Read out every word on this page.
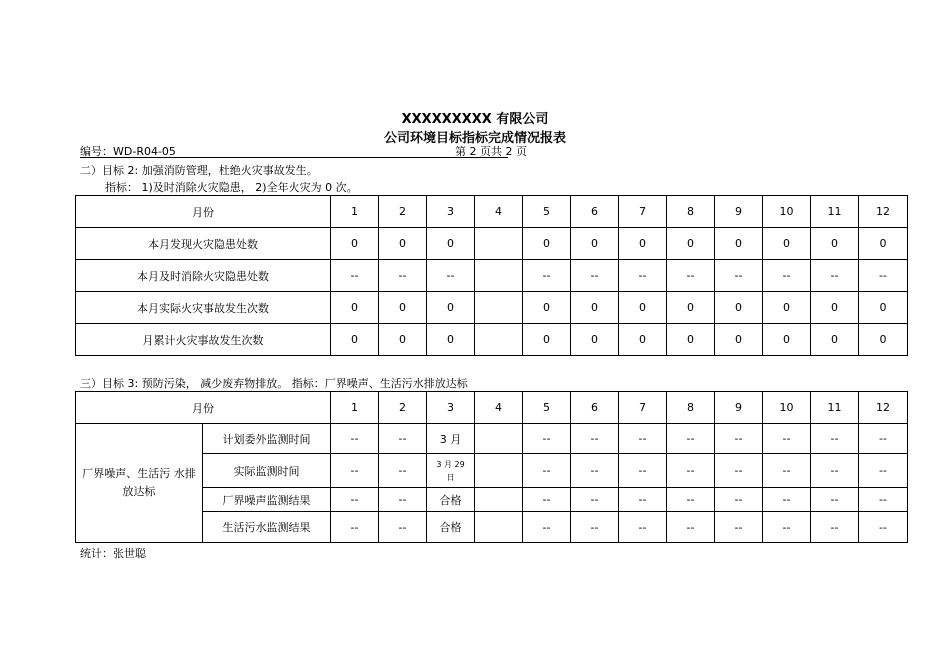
XXXXXXXXX 有限公司
公司环境目标指标完成情况报表
编号：WD-R04-05	第 2 页共 2 页
二）目标 2: 加强消防管理，杜绝火灾事故发生。
指标： 1)及时消除火灾隐患， 2)全年火灾为 0 次。
月份	1	2	3	4	5	6	7	8	9	10	11	12
本月发现火灾隐患处数	0	0	0		0	0	0	0	0	0	0	0
本月及时消除火灾隐患处数	--	--	--		--	--	--	--	--	--	--	--
本月实际火灾事故发生次数	0	0	0		0	0	0	0	0	0	0	0
月累计火灾事故发生次数	0	0	0		0	0	0	0	0	0	0	0
三）目标 3: 预防污染， 减少废弃物排放。 指标：厂界噪声、生活污水排放达标
月份		1	2	3	4	5	6	7	8	9	10	11	12
厂界噪声、生活污 水排放达标	计划委外监测时间	--	--	3 月		--	--	--	--	--	--	--	--
	实际监测时间	--	--	3 月 29 日		--	--	--	--	--	--	--	--
	厂界噪声监测结果	--	--	合格		--	--	--	--	--	--	--	--
	生活污水监测结果	--	--	合格		--	--	--	--	--	--	--	--
统计：张世聪
